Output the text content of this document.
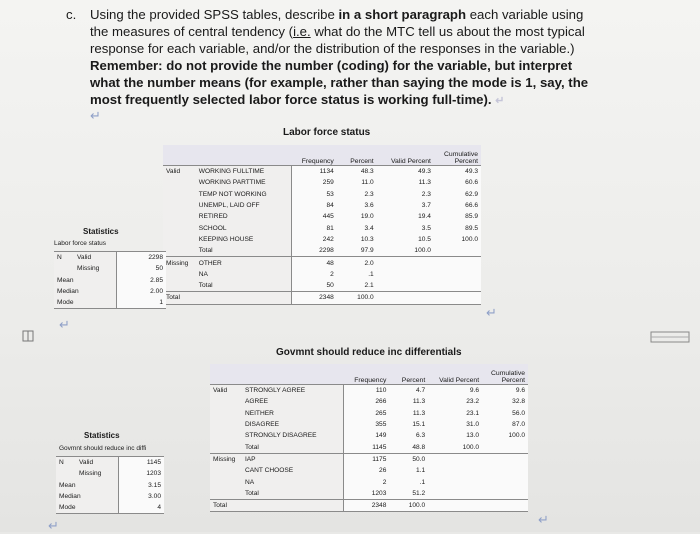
c.	Using the provided SPSS tables, describe in a short paragraph each variable using

the measures of central tendency (i.e. what do the MTC tell us about the most typical

response for each variable, and/or the distribution of the responses in the variable.)

Remember: do not provide the number (coding) for the variable, but interpret

what the number means (for example, rather than saying the mode is 1, say, the

most frequently selected labor force status is working full-time). ↵

↵
Labor force status
		Frequency	Percent	Valid Percent	Cumulative Percent
Valid	WORKING FULLTIME	1134	48.3	49.3	49.3
	WORKING PARTTIME	259	11.0	11.3	60.6
	TEMP NOT WORKING	53	2.3	2.3	62.9
	UNEMPL, LAID OFF	84	3.6	3.7	66.6
	RETIRED	445	19.0	19.4	85.9
	SCHOOL	81	3.4	3.5	89.5
	KEEPING HOUSE	242	10.3	10.5	100.0
	Total	2298	97.9	100.0	
Missing	OTHER	48	2.0		
	NA	2	.1		
	Total	50	2.1		
Total		2348	100.0		
Statistics
Labor force status
N	Valid	2298
	Missing	50
Mean		2.85
Median		2.00
Mode		1
↵
↵
Govmnt should reduce inc differentials
		Frequency	Percent	Valid Percent	Cumulative Percent
Valid	STRONGLY AGREE	110	4.7	9.6	9.6
	AGREE	266	11.3	23.2	32.8
	NEITHER	265	11.3	23.1	56.0
	DISAGREE	355	15.1	31.0	87.0
	STRONGLY DISAGREE	149	6.3	13.0	100.0
	Total	1145	48.8	100.0	
Missing	IAP	1175	50.0		
	CANT CHOOSE	26	1.1		
	NA	2	.1		
	Total	1203	51.2		
Total		2348	100.0		
Statistics
Govmnt should reduce inc diffi
N	Valid	1145
	Missing	1203
Mean		3.15
Median		3.00
Mode		4
↵
↵
